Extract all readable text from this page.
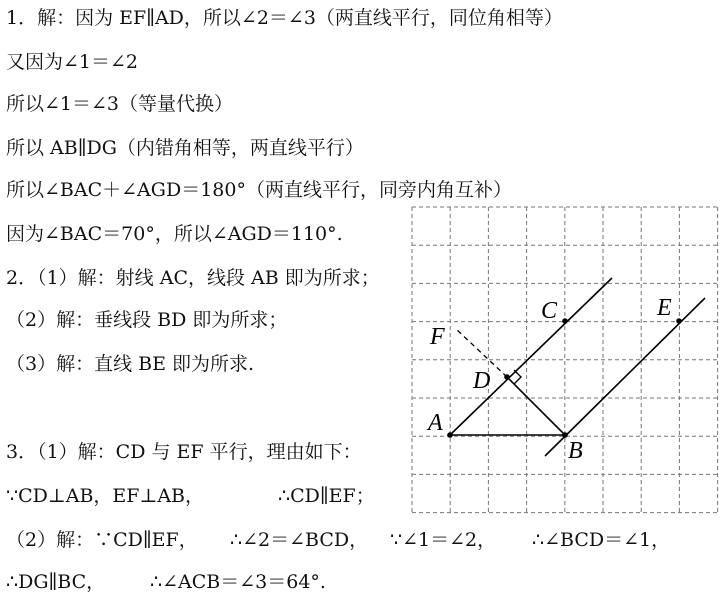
1．解：因为 EF∥AD，所以∠2＝∠3（两直线平行，同位角相等）
又因为∠1＝∠2
所以∠1＝∠3（等量代换）
所以 AB∥DG（内错角相等，两直线平行）
所以∠BAC＋∠AGD＝180°（两直线平行，同旁内角互补）
因为∠BAC＝70°，所以∠AGD＝110°.
2．（1）解：射线 AC，线段 AB 即为所求；
（2）解：垂线段 BD 即为所求；
（3）解：直线 BE 即为所求.
3．（1）解：CD 与 EF 平行，理由如下：
∵CD⊥AB，EF⊥AB，	∴CD∥EF；
（2）解：∵CD∥EF， ∴∠2＝∠BCD， ∵∠1＝∠2， ∴∠BCD＝∠1，
∴DG∥BC， ∴∠ACB＝∠3＝64°.
A
B
C
D
E
F
